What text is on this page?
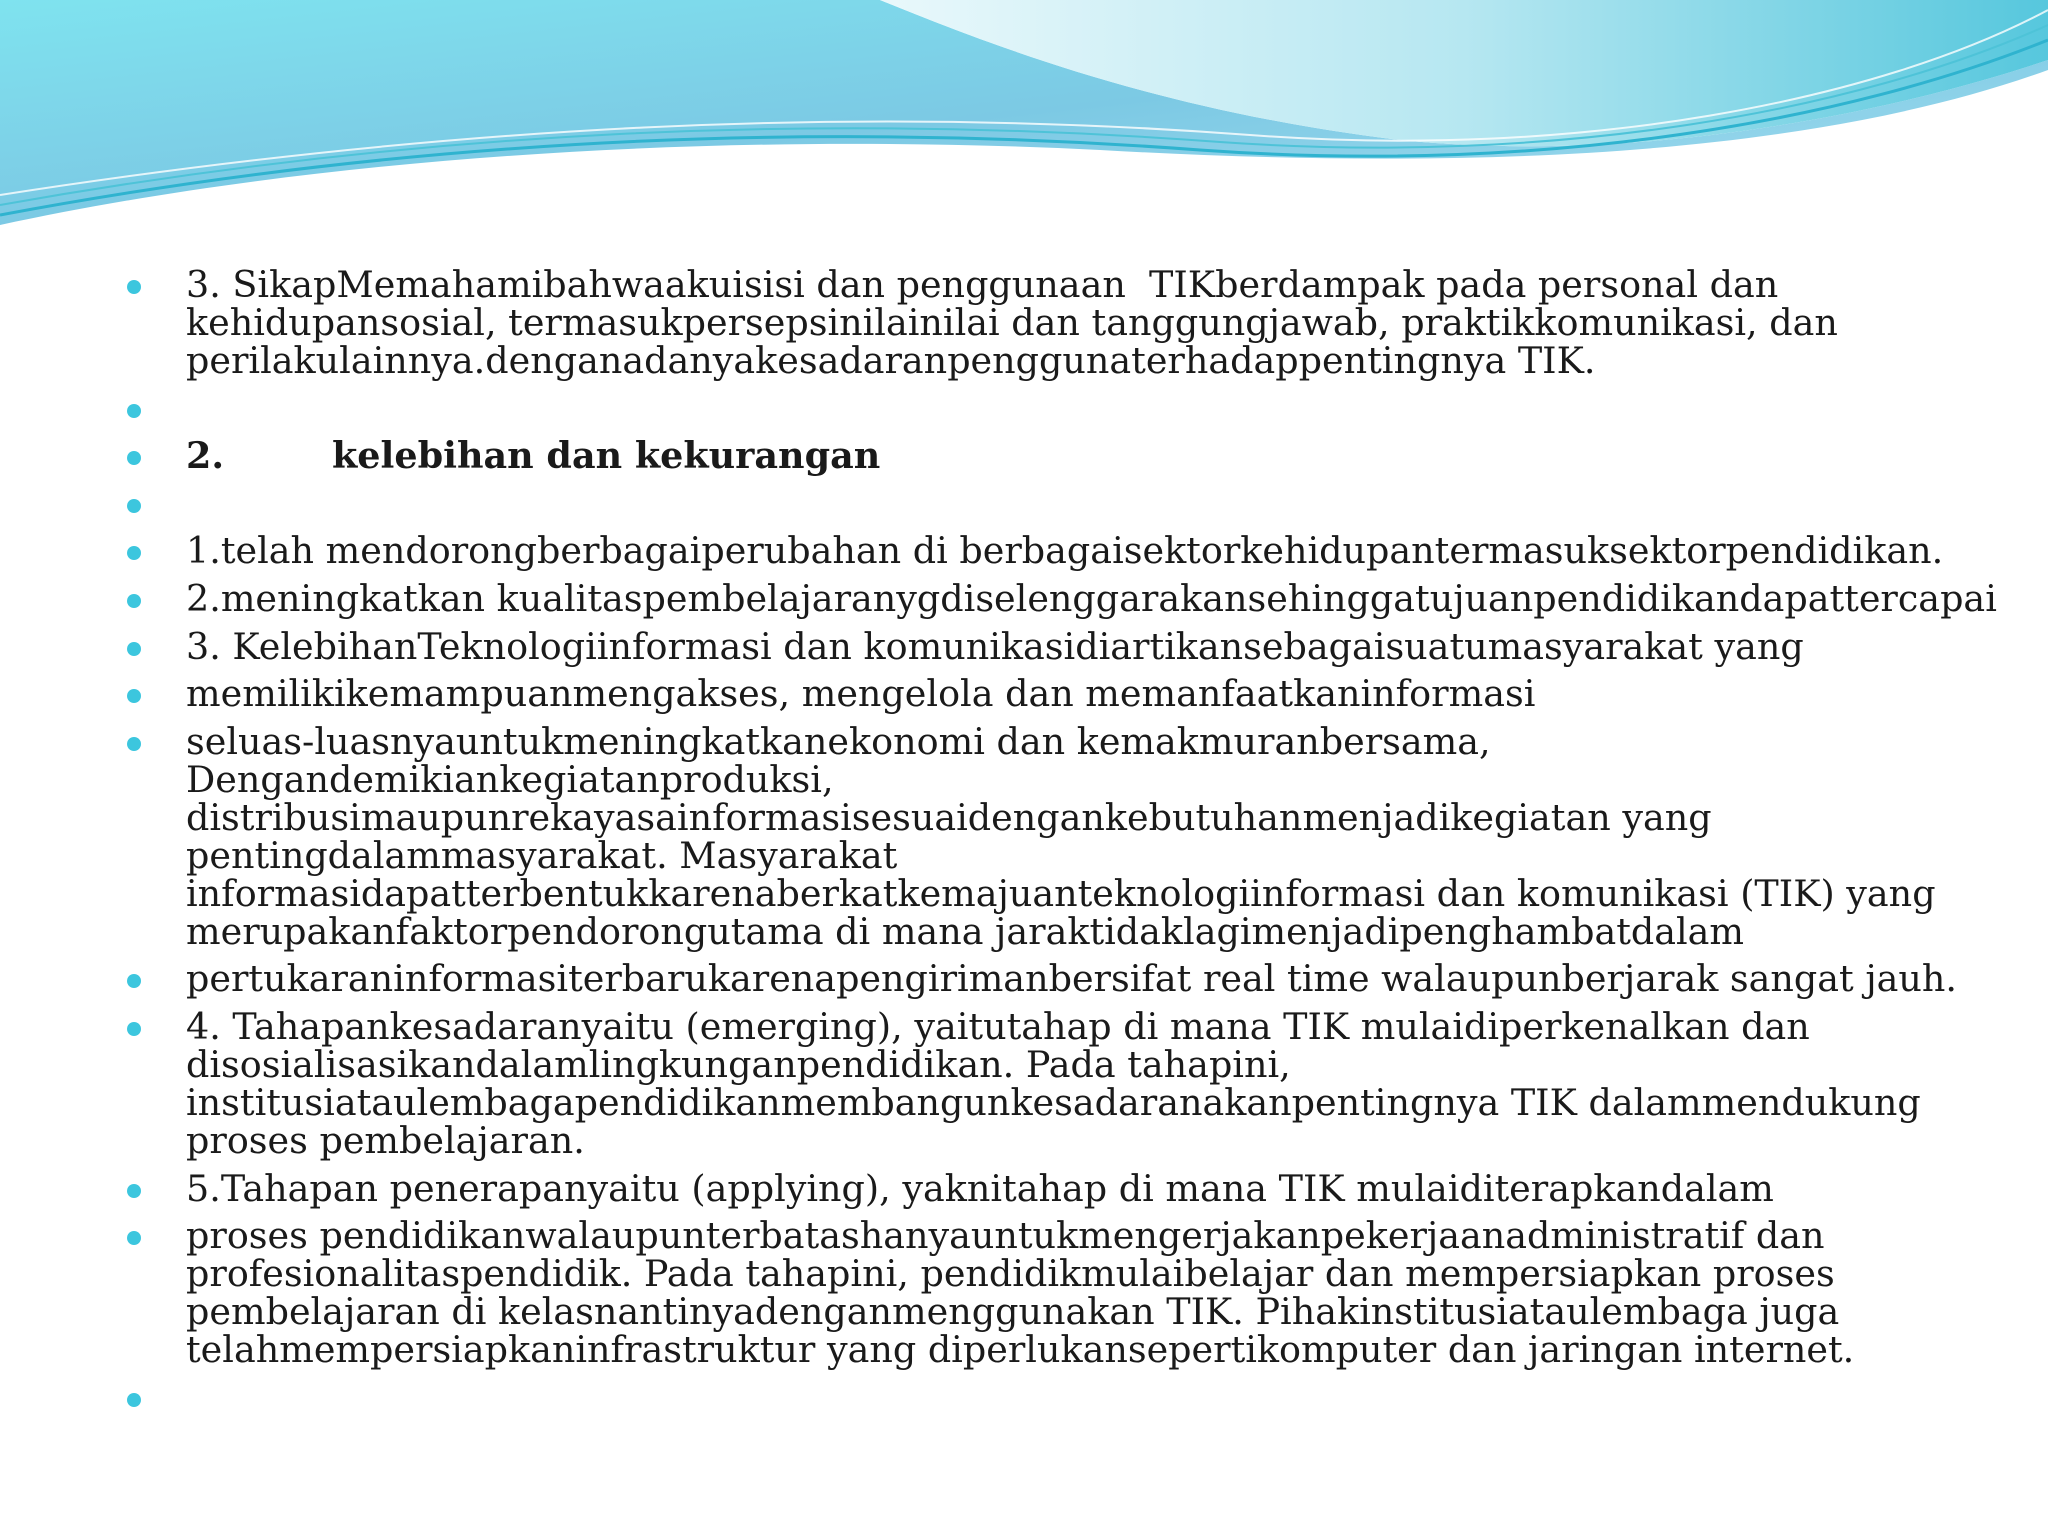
3. SikapMemahamibahwaakuisisi dan penggunaan  TIKberdampak pada personal dan kehidupansosial, termasukpersepsinilainilai dan tanggungjawab, praktikkomunikasi, dan perilakulainnya.denganadanyakesadaranpenggunaterhadappentingnya TIK.
2.	kelebihan dan kekurangan
1.telah mendorongberbagaiperubahan di berbagaisektorkehidupantermasuksektorpendidikan.
2.meningkatkan kualitaspembelajaranygdiselenggarakansehinggatujuanpendidikandapattercapai
3. KelebihanTeknologiinformasi dan komunikasidiartikansebagaisuatumasyarakat yang
memilikikemampuanmengakses, mengelola dan memanfaatkaninformasi
seluas-luasnyauntukmeningkatkanekonomi dan kemakmuranbersama, Dengandemikiankegiatanproduksi, distribusimaupunrekayasainformasisesuaidengankebutuhanmenjadikegiatan yang pentingdalammasyarakat. Masyarakat informasidapatterbentukkarenaberkatkemajuanteknologiinformasi dan komunikasi (TIK) yang merupakanfaktorpendorongutama di mana jaraktidaklagimenjadipenghambatdalam
pertukaraninformasiterbarukarenapengirimanbersifat real time walaupunberjarak sangat jauh.
4. Tahapankesadaranyaitu (emerging), yaitutahap di mana TIK mulaidiperkenalkan dan disosialisasikandalamlingkunganpendidikan. Pada tahapini, institusiataulembagapendidikanmembangunkesadaranakanpentingnya TIK dalammendukung proses pembelajaran.
5.Tahapan penerapanyaitu (applying), yaknitahap di mana TIK mulaiditerapkandalam
proses pendidikanwalaupunterbatashanyauntukmengerjakanpekerjaanadministratif dan profesionalitaspendidik. Pada tahapini, pendidikmulaibelajar dan mempersiapkan proses pembelajaran di kelasnantinyadenganmenggunakan TIK. Pihakinstitusiataulembaga juga telahmempersiapkaninfrastruktur yang diperlukansepertikomputer dan jaringan internet.
